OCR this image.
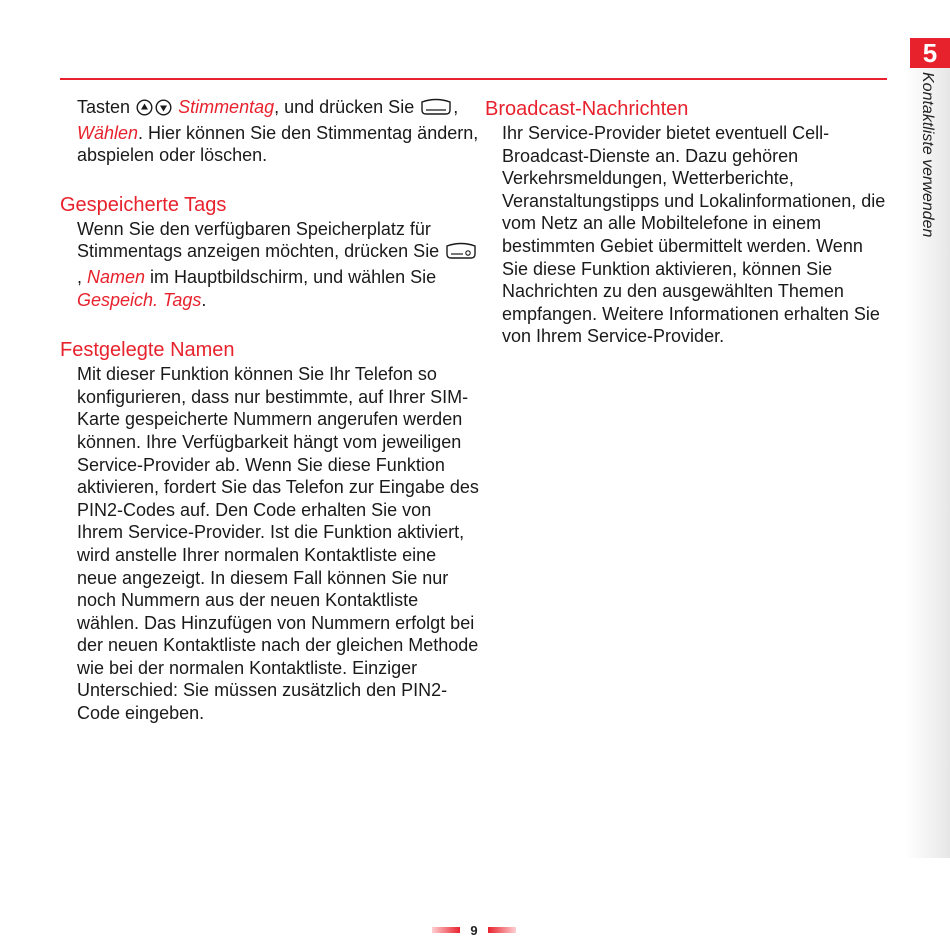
5
Kontaktliste verwenden

Tasten  Stimmentag, und drücken Sie , Wählen. Hier können Sie den Stimmentag ändern, abspielen oder löschen.

Gespeicherte Tags

Wenn Sie den verfügbaren Speicherplatz für Stimmentags anzeigen möchten, drücken Sie , Namen im Hauptbildschirm, und wählen Sie Gespeich. Tags.

Festgelegte Namen

Mit dieser Funktion können Sie Ihr Telefon so konfigurieren, dass nur bestimmte, auf Ihrer SIM-Karte gespeicherte Nummern angerufen werden können. Ihre Verfügbarkeit hängt vom jeweiligen Service-Provider ab. Wenn Sie diese Funktion aktivieren, fordert Sie das Telefon zur Eingabe des PIN2-Codes auf. Den Code erhalten Sie von Ihrem Service-Provider. Ist die Funktion aktiviert, wird anstelle Ihrer normalen Kontaktliste eine neue angezeigt. In diesem Fall können Sie nur noch Nummern aus der neuen Kontaktliste wählen. Das Hinzufügen von Nummern erfolgt bei der neuen Kontaktliste nach der gleichen Methode wie bei der normalen Kontaktliste. Einziger Unterschied: Sie müssen zusätzlich den PIN2-Code eingeben.

Broadcast-Nachrichten

Ihr Service-Provider bietet eventuell Cell-Broadcast-Dienste an. Dazu gehören Verkehrsmeldungen, Wetterberichte, Veranstaltungstipps und Lokalinformationen, die vom Netz an alle Mobiltelefone in einem bestimmten Gebiet übermittelt werden. Wenn Sie diese Funktion aktivieren, können Sie Nachrichten zu den ausgewählten Themen empfangen. Weitere Informationen erhalten Sie von Ihrem Service-Provider.

9
